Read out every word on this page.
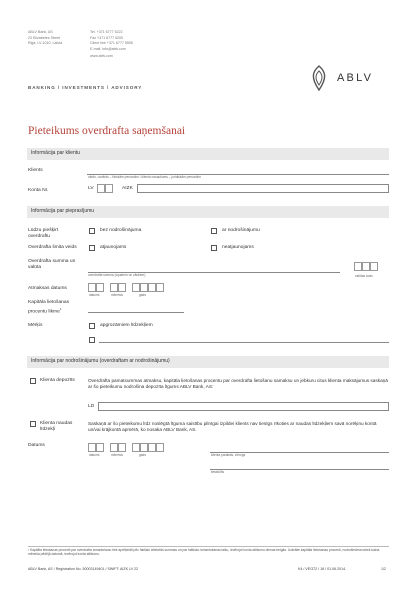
ABLV Bank, AS
23 Elizabetes Street
Riga, LV-1010, Latvia
Tel. +371 6777 5222
Fax +371 6777 5200
Client line +371 6777 5555
E-mail: info@ablv.com
www.ablv.com
BANKING / INVESTMENTS \ ADVISORY
ABLV
Pieteikums overdrafta saņemšanai
Informācija par klientu
Klients
vārds, uzvārds – fiziskām personām / klienta nosaukums – juridiskām personām
Konta Nr.	LV	AIZK
Informācija par pieprasījumu
Lūdzu piešķirt overdraftu
bez nodrošinājuma	ar nodrošinājumu
Overdrafta limita veids	atjaunojams	neatjaunojams
Overdrafta summa un valūta
overdrafta summa (cipariem un vārdiem)	valūtas kods
Atmaksas datums
datums	mēnesis	gads
Kapitāla lietošanas procentu likme$^1$
Mērķis	apgrozāmiem līdzekļiem
Informācija par nodrošinājumu (overdraftam ar nodrošinājumu)
Klienta depozīts	Overdrafta pamatsummas atmaksu, kapitāla lietošanas procentu par overdrafta lietošanu samaksu un jebkuru citus klienta maksājumus saskaņā ar šo pieteikumu nodrošina depozīta līgums ABLV Bank, AS:
LD
Klienta naudas līdzekļi
Saskaņā ar šo pieteikumu līdz noslēgtā līguma saistību pilnīgai izpildei klients nav tiesīgs rīkoties ar naudas līdzekļiem savā norēķinu kontā un/vai krājkontā apmērā, ko nosaka ABLV Bank, AS.
Datums
datums	mēnesis	gads	klienta paraksts, zīmogs
tiesiskībs
¹ Kapitāla lietošanas procenti par overdrafta izmantošanu tiek aprēķināti pēc faktiski izlietotās summas un par faktisko izmantošanas laiku, ievērojot konta atlikumu dienas beigās. Uzkrātie kapitāla lietošanas procenti, nodrošināma tobek kaina mēneša pēdējā datumā, ievērojot konta atlikumu.
ABLV Bank, AS / Registration No. 50003149401 / SWIFT: AIZK LV 22	K4 / VE/372 / 18 / 01.06.2014.	1/2
